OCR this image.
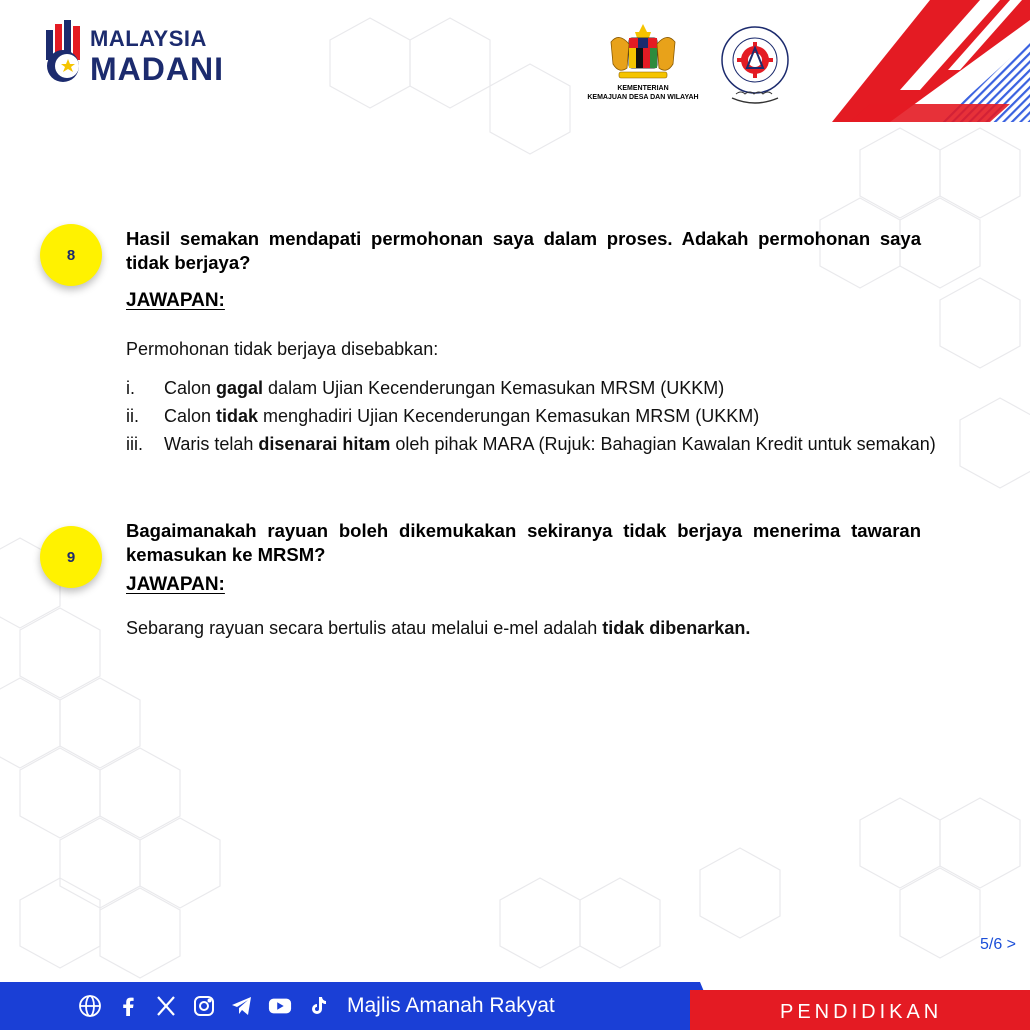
MALAYSIA
MADANI
KEMENTERIAN
KEMAJUAN DESA DAN WILAYAH
8
Hasil semakan mendapati permohonan saya dalam proses. Adakah permohonan saya tidak berjaya?
JAWAPAN:
Permohonan tidak berjaya disebabkan:
i.	Calon gagal dalam Ujian Kecenderungan Kemasukan MRSM (UKKM)
ii.	Calon tidak menghadiri Ujian Kecenderungan Kemasukan MRSM (UKKM)
iii.	Waris telah disenarai hitam oleh pihak MARA (Rujuk: Bahagian Kawalan Kredit untuk semakan)
9
Bagaimanakah rayuan boleh dikemukakan sekiranya tidak berjaya menerima tawaran kemasukan ke MRSM?
JAWAPAN:
Sebarang rayuan secara bertulis atau melalui e-mel adalah tidak dibenarkan.
5/6 >
Majlis Amanah Rakyat	PENDIDIKAN
